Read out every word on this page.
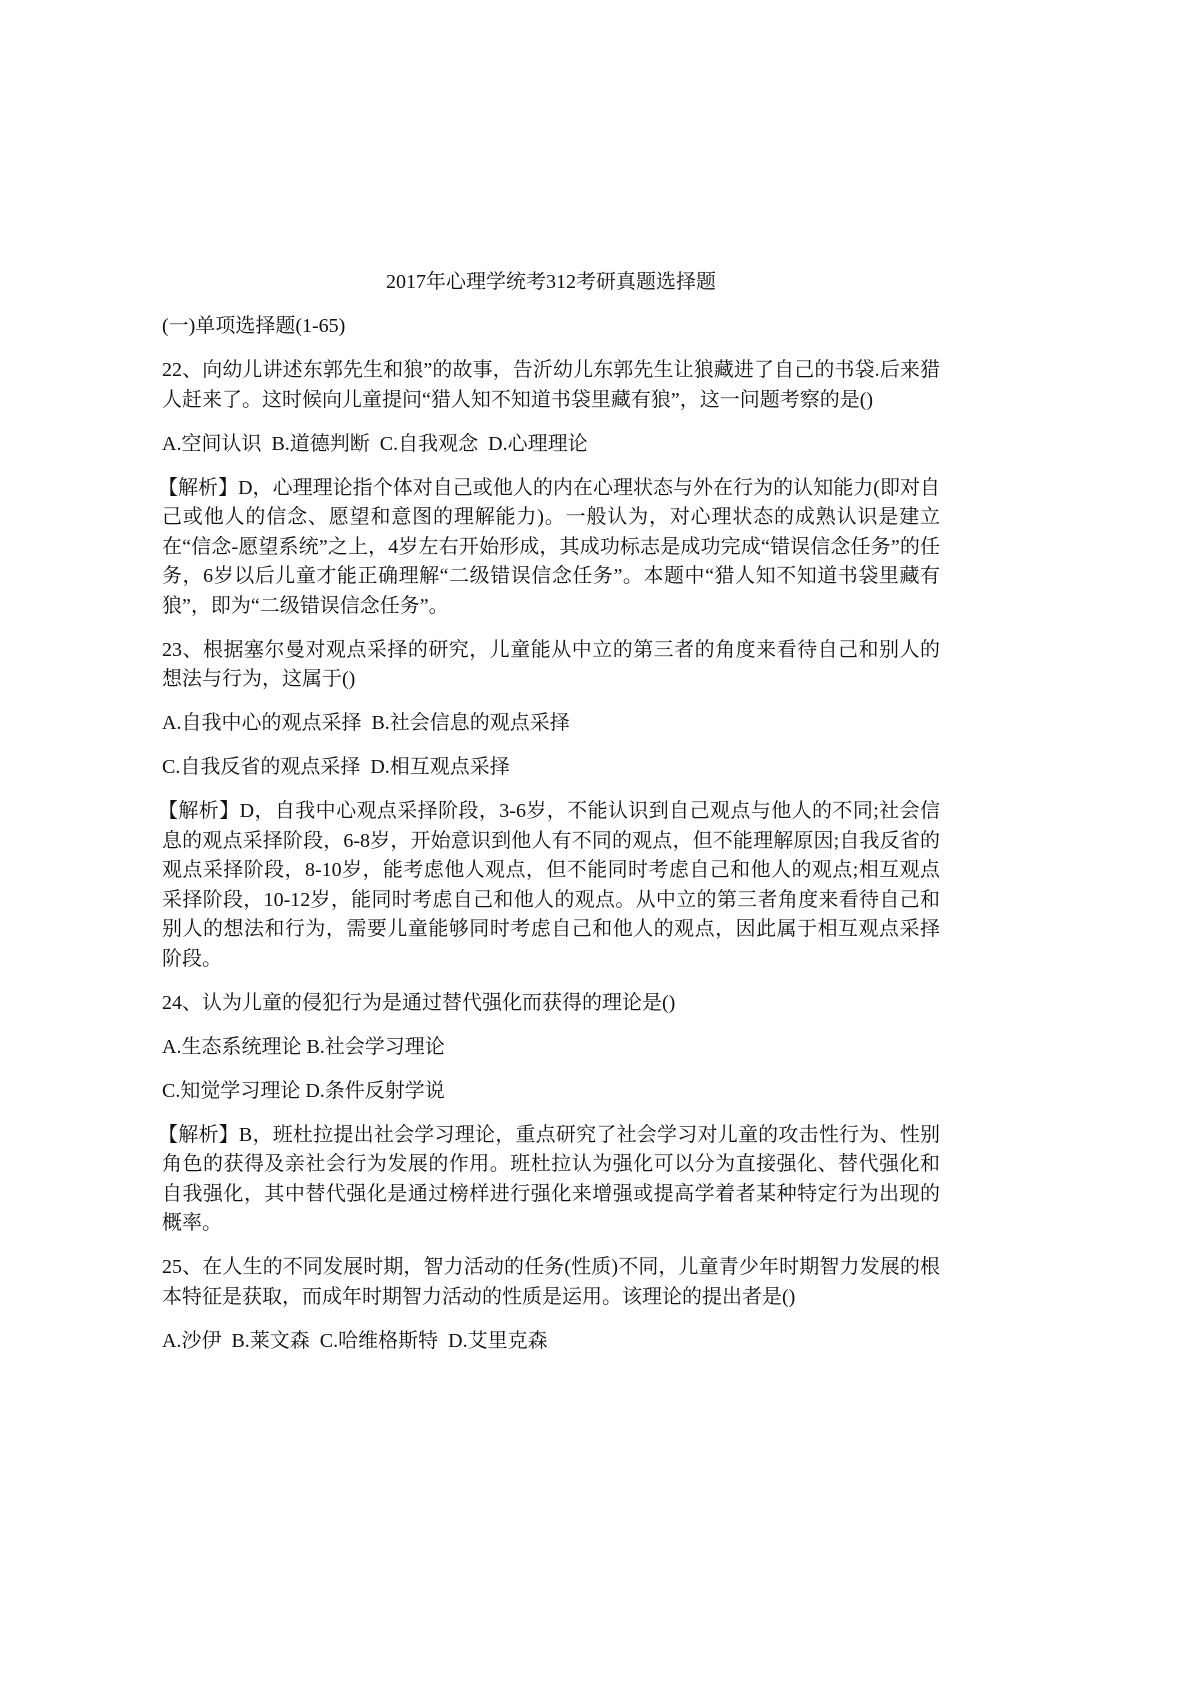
2017年心理学统考312考研真题选择题

(一)单项选择题(1-65)

22、向幼儿讲述东郭先生和狼”的故事，告沂幼儿东郭先生让狼藏进了自己的书袋.后来猎人赶来了。这时候向儿童提问“猎人知不知道书袋里藏有狼”，这一问题考察的是()

A.空间认识  B.道德判断  C.自我观念  D.心理理论

【解析】D，心理理论指个体对自己或他人的内在心理状态与外在行为的认知能力(即对自己或他人的信念、愿望和意图的理解能力)。一般认为，对心理状态的成熟认识是建立在“信念-愿望系统”之上，4岁左右开始形成，其成功标志是成功完成“错误信念任务”的任务，6岁以后儿童才能正确理解“二级错误信念任务”。本题中“猎人知不知道书袋里藏有狼”，即为“二级错误信念任务”。

23、根据塞尔曼对观点采择的研究，儿童能从中立的第三者的角度来看待自己和别人的想法与行为，这属于()

A.自我中心的观点采择  B.社会信息的观点采择

C.自我反省的观点采择  D.相互观点采择

【解析】D，自我中心观点采择阶段，3-6岁，不能认识到自己观点与他人的不同;社会信息的观点采择阶段，6-8岁，开始意识到他人有不同的观点，但不能理解原因;自我反省的观点采择阶段，8-10岁，能考虑他人观点，但不能同时考虑自己和他人的观点;相互观点采择阶段，10-12岁，能同时考虑自己和他人的观点。从中立的第三者角度来看待自己和别人的想法和行为，需要儿童能够同时考虑自己和他人的观点，因此属于相互观点采择阶段。

24、认为儿童的侵犯行为是通过替代强化而获得的理论是()

A.生态系统理论 B.社会学习理论

C.知觉学习理论 D.条件反射学说

【解析】B，班杜拉提出社会学习理论，重点研究了社会学习对儿童的攻击性行为、性别角色的获得及亲社会行为发展的作用。班杜拉认为强化可以分为直接强化、替代强化和自我强化，其中替代强化是通过榜样进行强化来增强或提高学着者某种特定行为出现的概率。

25、在人生的不同发展时期，智力活动的任务(性质)不同，儿童青少年时期智力发展的根本特征是获取，而成年时期智力活动的性质是运用。该理论的提出者是()

A.沙伊  B.莱文森  C.哈维格斯特  D.艾里克森
